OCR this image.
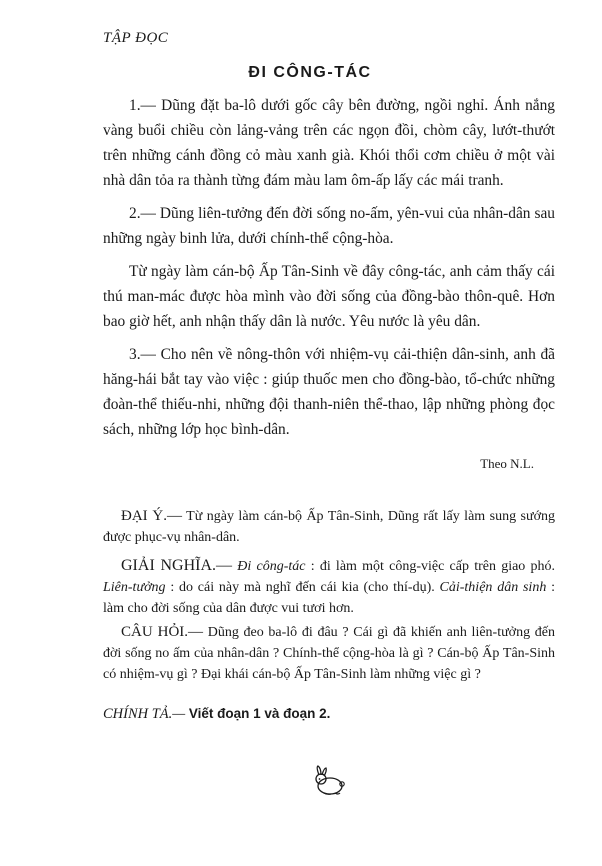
TẬP ĐỌC
ĐI CÔNG-TÁC

1.— Dũng đặt ba-lô dưới gốc cây bên đường, ngồi nghỉ. Ánh nắng vàng buổi chiều còn lảng-vảng trên các ngọn đồi, chòm cây, lướt-thướt trên những cánh đồng cỏ màu xanh già. Khói thổi cơm chiều ở một vài nhà dân tỏa ra thành từng đám màu lam ôm-ấp lấy các mái tranh.

2.— Dũng liên-tưởng đến đời sống no-ấm, yên-vui của nhân-dân sau những ngày binh lửa, dưới chính-thể cộng-hòa.

Từ ngày làm cán-bộ Ấp Tân-Sinh về đây công-tác, anh cảm thấy cái thú man-mác được hòa mình vào đời sống của đồng-bào thôn-quê. Hơn bao giờ hết, anh nhận thấy dân là nước. Yêu nước là yêu dân.

3.— Cho nên về nông-thôn với nhiệm-vụ cải-thiện dân-sinh, anh đã hăng-hái bắt tay vào việc : giúp thuốc men cho đồng-bào, tổ-chức những đoàn-thể thiếu-nhi, những đội thanh-niên thể-thao, lập những phòng đọc sách, những lớp học bình-dân.

Theo N.L.

ĐẠI Ý.— Từ ngày làm cán-bộ Ấp Tân-Sinh, Dũng rất lấy làm sung sướng được phục-vụ nhân-dân.

GIẢI NGHĨA.— Đi công-tác : đi làm một công-việc cấp trên giao phó. Liên-tưởng : do cái này mà nghĩ đến cái kia (cho thí-dụ). Cải-thiện dân sinh : làm cho đời sống của dân được vui tươi hơn.

CÂU HỎI.— Dũng đeo ba-lô đi đâu ? Cái gì đã khiến anh liên-tưởng đến đời sống no ấm của nhân-dân ? Chính-thể cộng-hòa là gì ? Cán-bộ Ấp Tân-Sinh có nhiệm-vụ gì ? Đại khái cán-bộ Ấp Tân-Sinh làm những việc gì ?

CHÍNH TẢ.— Viết đoạn 1 và đoạn 2.
